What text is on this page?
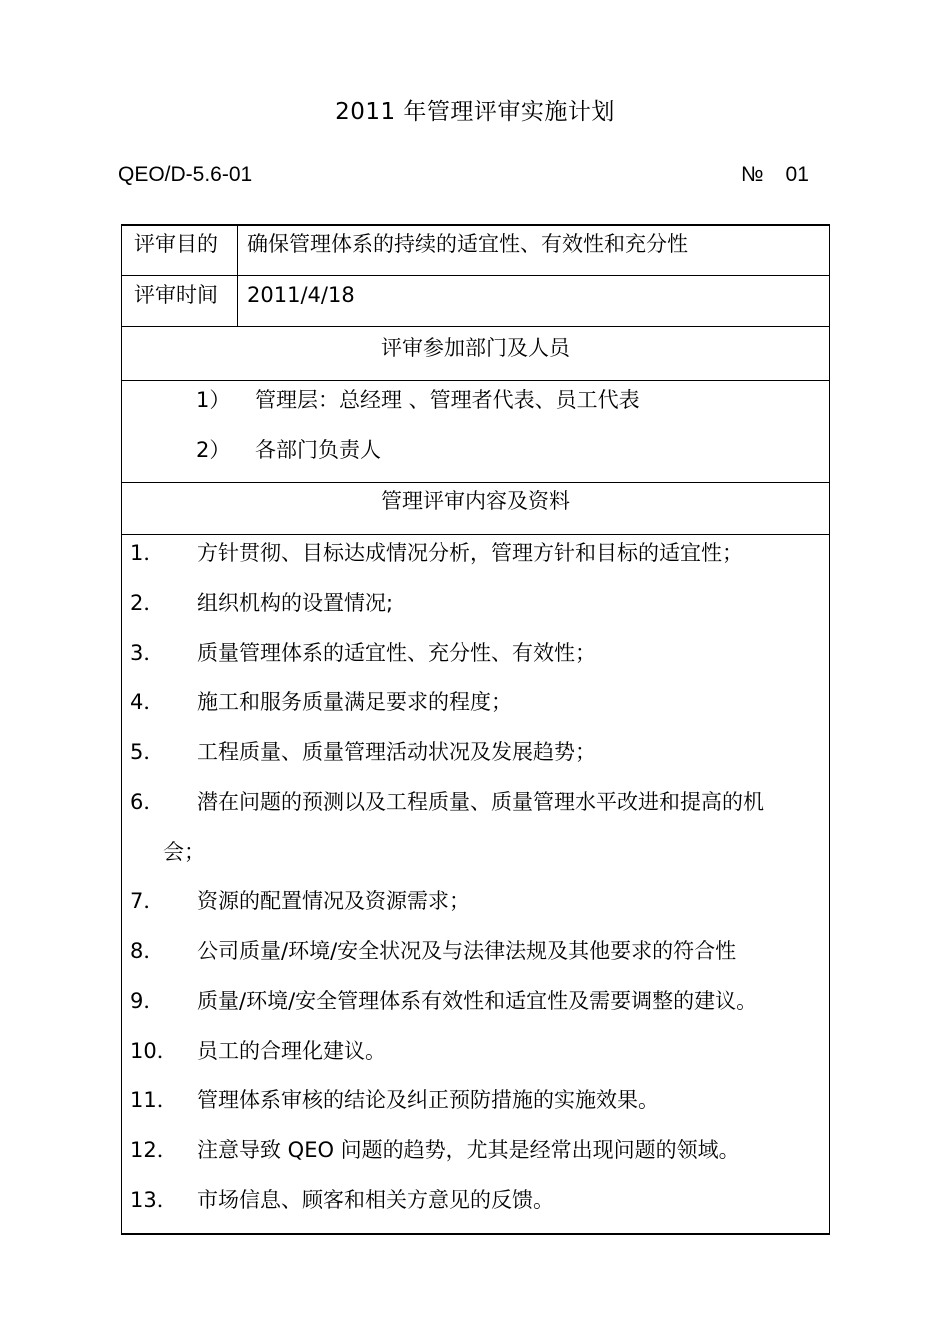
2011 年管理评审实施计划
QEO/D-5.6-01	№ 01
评审目的 确保管理体系的持续的适宜性、有效性和充分性
评审时间 2011/4/18
评审参加部门及人员
1） 管理层：总经理 、管理者代表、员工代表
2） 各部门负责人
管理评审内容及资料
1． 方针贯彻、目标达成情况分析，管理方针和目标的适宜性；
2． 组织机构的设置情况;
3． 质量管理体系的适宜性、充分性、有效性；
4． 施工和服务质量满足要求的程度；
5． 工程质量、质量管理活动状况及发展趋势；
6． 潜在问题的预测以及工程质量、质量管理水平改进和提高的机
会；
7． 资源的配置情况及资源需求；
8． 公司质量/环境/安全状况及与法律法规及其他要求的符合性
9． 质量/环境/安全管理体系有效性和适宜性及需要调整的建议。
10． 员工的合理化建议。
11． 管理体系审核的结论及纠正预防措施的实施效果。
12． 注意导致 QEO 问题的趋势，尤其是经常出现问题的领域。
13． 市场信息、顾客和相关方意见的反馈。
